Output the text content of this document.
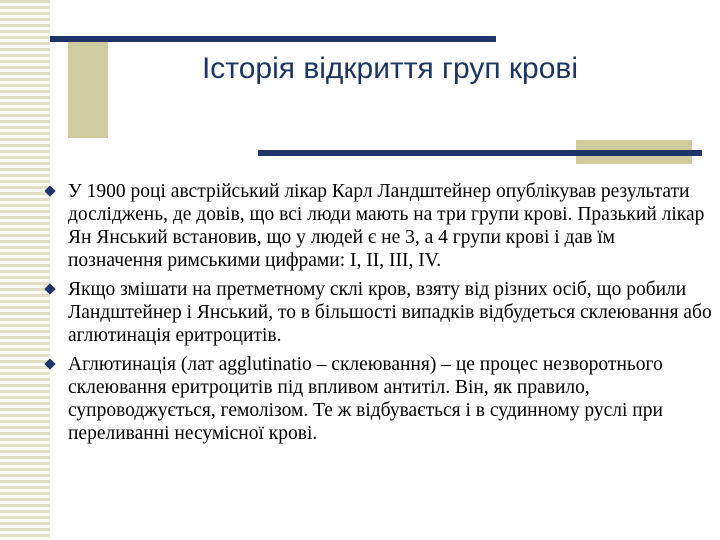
Історія відкриття груп крові
У 1900 році австрійський лікар Карл Ландштейнер опублікував результати досліджень, де довів, що всі люди мають на три групи крові. Празький лікар Ян Янський встановив, що у людей є не 3, а 4 групи крові і дав їм позначення римськими цифрами: I, II, III, IV.
Якщо змішати на претметному склі кров, взяту від різних осіб, що робили Ландштейнер і Янський, то в більшості випадків відбудеться склеювання або аглютинація еритроцитів.
Аглютинація (лат agglutinatio – склеювання) – це процес незворотнього склеювання еритроцитів під впливом антитіл. Він, як правило, супроводжується, гемолізом. Те ж відбувається і в судинному руслі при переливанні несумісної крові.
